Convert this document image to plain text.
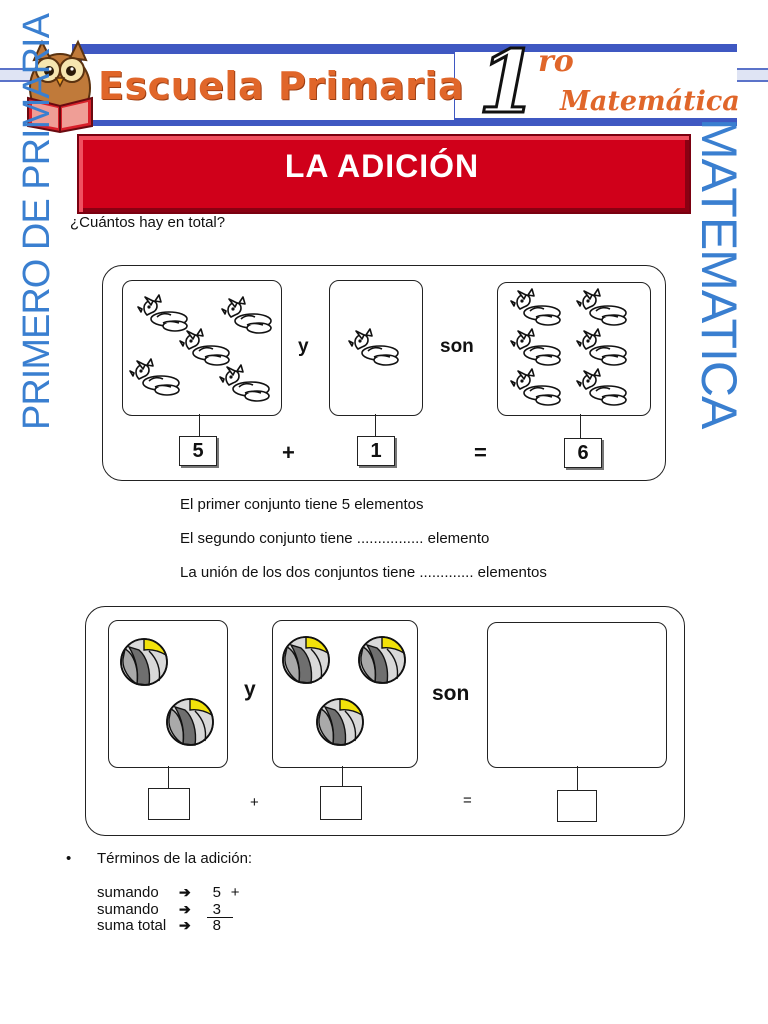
Escuela Primaria 1 ro
Matemática
PRIMERO DE PRIMARIA	MATEMATICA
LA ADICIÓN
¿Cuántos hay en total?
y	son
5	+	1	=	6
El primer conjunto tiene 5 elementos
El segundo conjunto tiene ................ elemento
La unión de los dos conjuntos tiene ............. elementos
y	son
+	=
• Términos de la adición:
sumando ➔ 5 +
sumando ➔ 3
suma total ➔ 8
